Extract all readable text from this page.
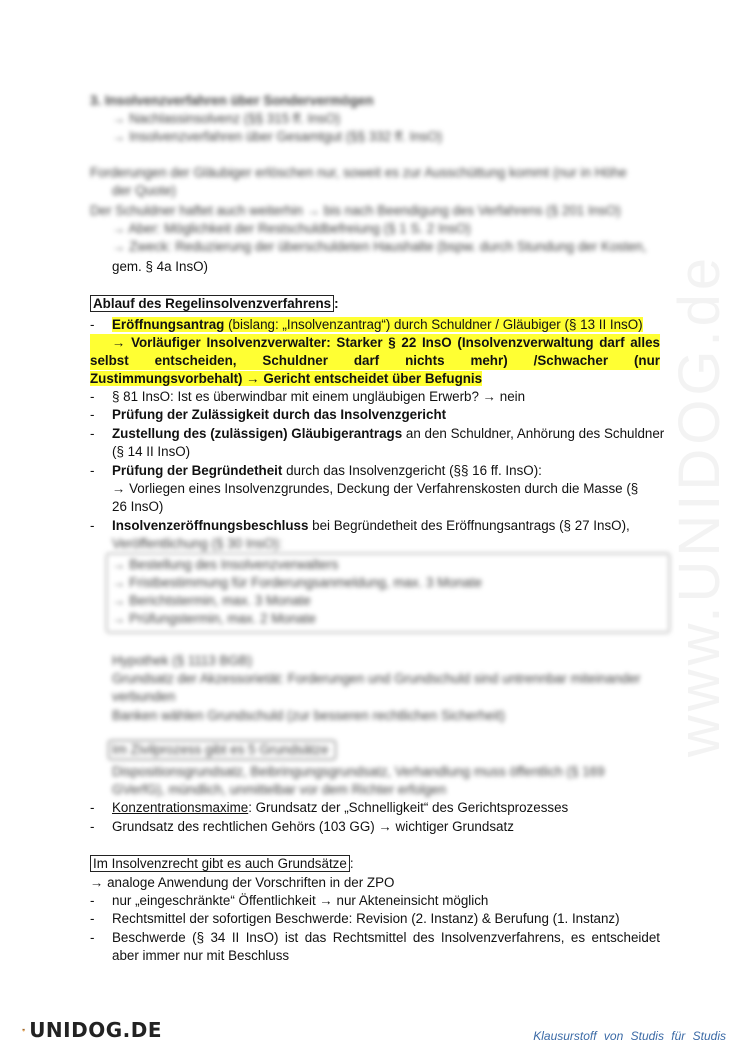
www.UNIDOG.de
3. Insolvenzverfahren über Sondervermögen
→ Nachlassinsolvenz (§§ 315 ff. InsO)
→ Insolvenzverfahren über Gesamtgut (§§ 332 ff. InsO)
Forderungen der Gläubiger erlöschen nur, soweit es zur Ausschüttung kommt (nur in Höhe
der Quote)
Der Schuldner haftet auch weiterhin → bis nach Beendigung des Verfahrens (§ 201 InsO)
→ Aber: Möglichkeit der Restschuldbefreiung (§ 1 S. 2 InsO)
→ Zweck: Reduzierung der überschuldeten Haushalte (bspw. durch Stundung der Kosten,
gem. § 4a InsO)
Ablauf des Regelinsolvenzverfahrens :
-	Eröffnungsantrag (bislang: „Insolvenzantrag“) durch Schuldner / Gläubiger (§ 13 II InsO)
→ Vorläufiger Insolvenzverwalter: Starker § 22 InsO (Insolvenzverwaltung darf alles
selbst entscheiden, Schuldner darf nichts mehr) /Schwacher (nur
Zustimmungsvorbehalt) → Gericht entscheidet über Befugnis
-	§ 81 InsO: Ist es überwindbar mit einem ungläubigen Erwerb? → nein
-	Prüfung der Zulässigkeit durch das Insolvenzgericht
-	Zustellung des (zulässigen) Gläubigerantrags an den Schuldner, Anhörung des Schuldner
(§ 14 II InsO)
-	Prüfung der Begründetheit durch das Insolvenzgericht (§§ 16 ff. InsO):
→ Vorliegen eines Insolvenzgrundes, Deckung der Verfahrenskosten durch die Masse (§
26 InsO)
-	Insolvenzeröffnungsbeschluss bei Begründetheit des Eröffnungsantrags (§ 27 InsO),
Veröffentlichung (§ 30 InsO):
→ Bestellung des Insolvenzverwalters
→ Fristbestimmung für Forderungsanmeldung, max. 3 Monate
→ Berichtstermin, max. 3 Monate
→ Prüfungstermin, max. 2 Monate
Hypothek (§ 1113 BGB)
Grundsatz der Akzessorietät: Forderungen und Grundschuld sind untrennbar miteinander
verbunden
Banken wählen Grundschuld (zur besseren rechtlichen Sicherheit)
Im Zivilprozess gibt es 5 Grundsätze
Dispositionsgrundsatz, Beibringungsgrundsatz, Verhandlung muss öffentlich (§ 169
GVerfG), mündlich, unmittelbar vor dem Richter erfolgen
-	Konzentrationsmaxime: Grundsatz der „Schnelligkeit“ des Gerichtsprozesses
-	Grundsatz des rechtlichen Gehörs (103 GG) → wichtiger Grundsatz
Im Insolvenzrecht gibt es auch Grundsätze :
→ analoge Anwendung der Vorschriften in der ZPO
-	nur „eingeschränkte“ Öffentlichkeit → nur Akteneinsicht möglich
-	Rechtsmittel der sofortigen Beschwerde: Revision (2. Instanz) & Berufung (1. Instanz)
-	Beschwerde (§ 34 II InsO) ist das Rechtsmittel des Insolvenzverfahrens, es entscheidet
aber immer nur mit Beschluss
UNIDOG.DE	Klausurstoff von Studis für Studis
